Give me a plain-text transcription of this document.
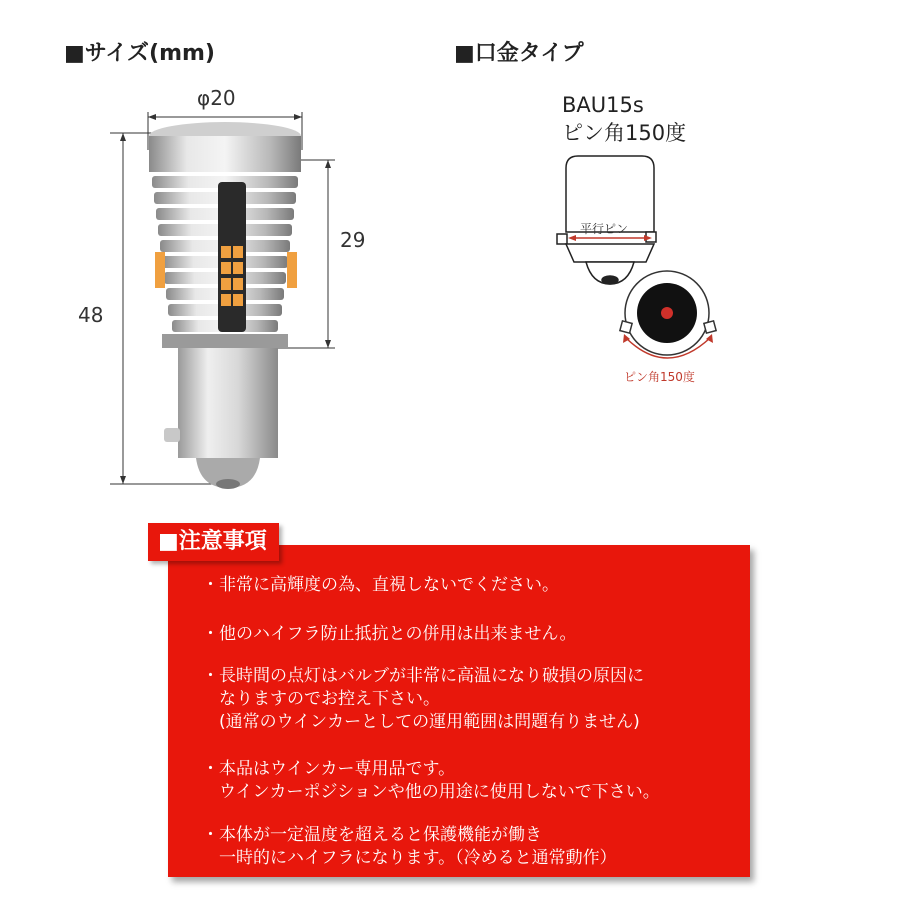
■サイズ(mm)
φ20
48
29
■口金タイプ
BAU15s
ピン角150度
平行ピン
ピン角150度
■注意事項
・非常に高輝度の為、直視しないでください。
・他のハイフラ防止抵抗との併用は出来ません。
・長時間の点灯はバルブが非常に高温になり破損の原因に
　なりますのでお控え下さい。
　(通常のウインカーとしての運用範囲は問題有りません)
・本品はウインカー専用品です。
　ウインカーポジションや他の用途に使用しないで下さい。
・本体が一定温度を超えると保護機能が働き
　一時的にハイフラになります。（冷めると通常動作）
